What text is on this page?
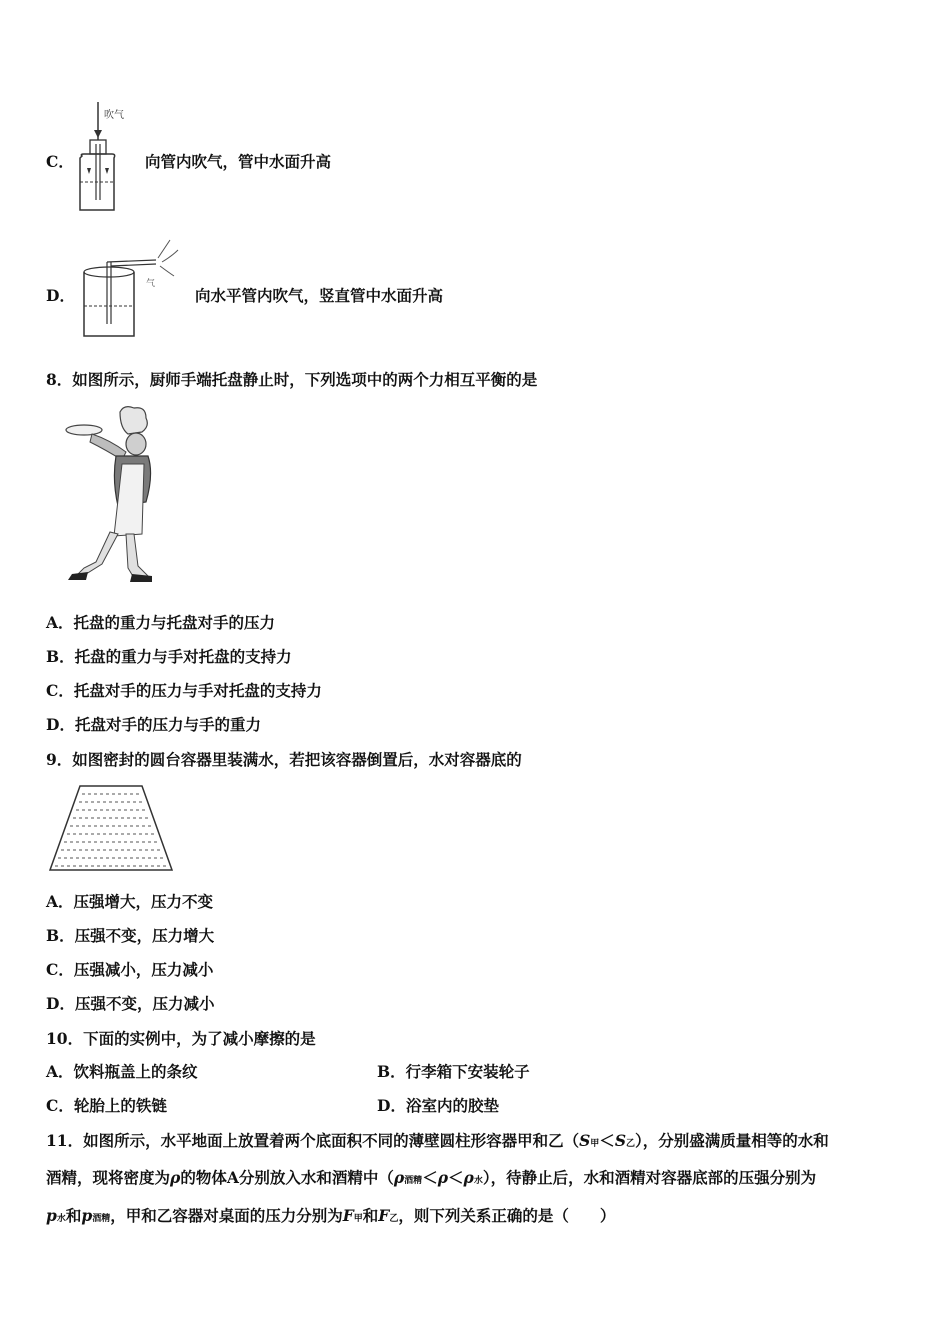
吹气
C．	向管内吹气，管中水面升高
气
D．	向水平管内吹气，竖直管中水面升高
8．如图所示，厨师手端托盘静止时，下列选项中的两个力相互平衡的是
A．托盘的重力与托盘对手的压力
B．托盘的重力与手对托盘的支持力
C．托盘对手的压力与手对托盘的支持力
D．托盘对手的压力与手的重力
9．如图密封的圆台容器里装满水，若把该容器倒置后，水对容器底的
A．压强增大，压力不变
B．压强不变，压力增大
C．压强减小，压力减小
D．压强不变，压力减小
10．下面的实例中，为了减小摩擦的是
A．饮料瓶盖上的条纹	B．行李箱下安装轮子
C．轮胎上的铁链	D．浴室内的胶垫
11．如图所示，水平地面上放置着两个底面积不同的薄壁圆柱形容器甲和乙（S甲＜S乙），分别盛满质量相等的水和
酒精，现将密度为ρ的物体A分别放入水和酒精中（ρ酒精＜ρ＜ρ水），待静止后，水和酒精对容器底部的压强分别为
p水和p酒精，甲和乙容器对桌面的压力分别为F甲和F乙，则下列关系正确的是（　　）
